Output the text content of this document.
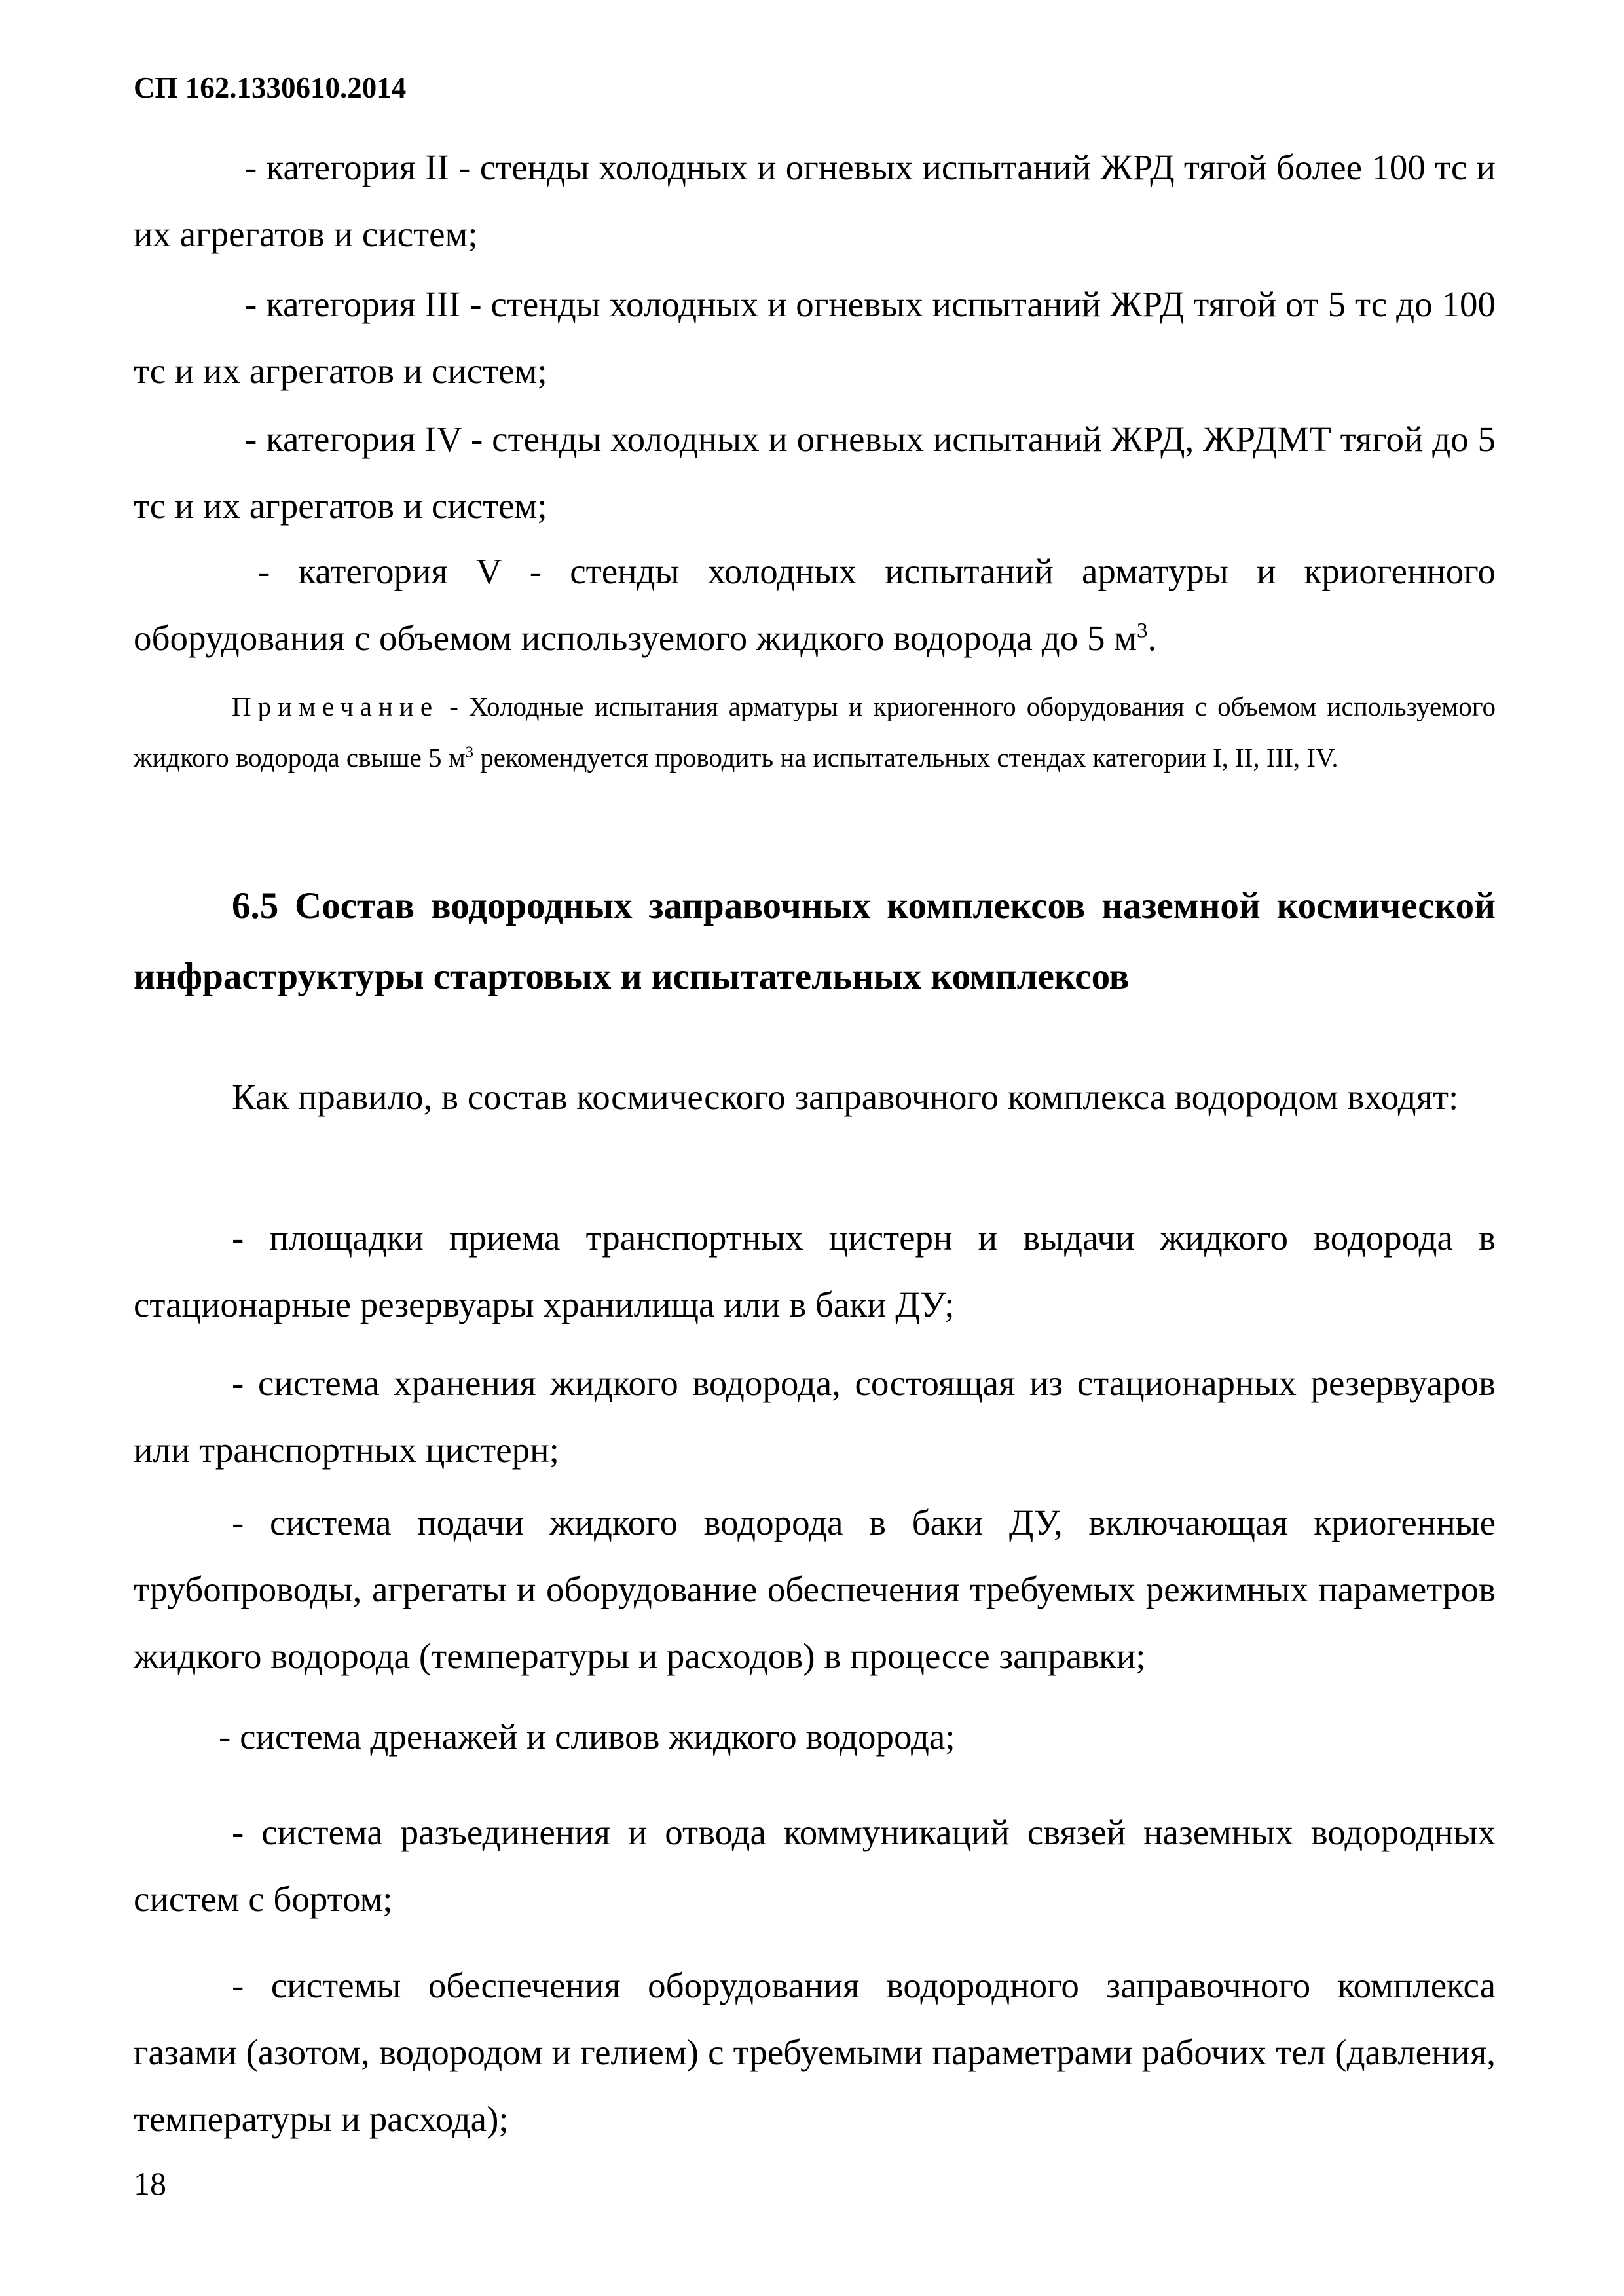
СП 162.1330610.2014

- категория II - стенды холодных и огневых испытаний ЖРД тягой более 100 тс и их агрегатов и систем;

- категория III - стенды холодных и огневых испытаний ЖРД тягой от 5 тс до 100 тс и их агрегатов и систем;

- категория IV - стенды холодных и огневых испытаний ЖРД, ЖРДМТ тягой до 5 тс и их агрегатов и систем;

- категория V - стенды холодных испытаний арматуры и криогенного оборудования с объемом используемого жидкого водорода до 5 $м^3$.

Примечание - Холодные испытания арматуры и криогенного оборудования с объемом используемого жидкого водорода свыше 5 $м^3$ рекомендуется проводить на испытательных стендах категории I, II, III, IV.

6.5 Состав водородных заправочных комплексов наземной космической инфраструктуры стартовых и испытательных комплексов

Как правило, в состав космического заправочного комплекса водородом входят:

- площадки приема транспортных цистерн и выдачи жидкого водорода в стационарные резервуары хранилища или в баки ДУ;

- система хранения жидкого водорода, состоящая из стационарных резервуаров или транспортных цистерн;

- система подачи жидкого водорода в баки ДУ, включающая криогенные трубопроводы, агрегаты и оборудование обеспечения требуемых режимных параметров жидкого водорода (температуры и расходов) в процессе заправки;

- система дренажей и сливов жидкого водорода;

- система разъединения и отвода коммуникаций связей наземных водородных систем с бортом;

- системы обеспечения оборудования водородного заправочного комплекса газами (азотом, водородом и гелием) с требуемыми параметрами рабочих тел (давления, температуры и расхода);

18
